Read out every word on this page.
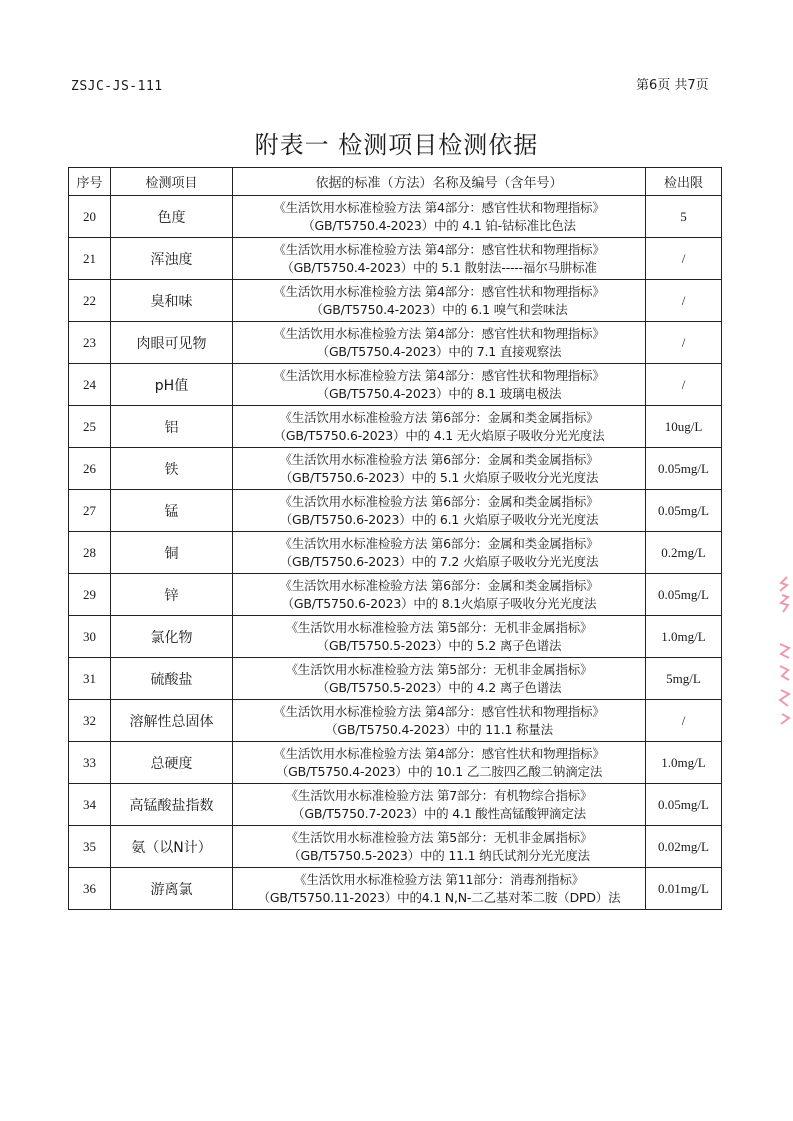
ZSJC-JS-111	第6页 共7页
附表一 检测项目检测依据
序号	检测项目	依据的标准（方法）名称及编号（含年号）	检出限
20	色度	《生活饮用水标准检验方法 第4部分：感官性状和物理指标》
（GB/T5750.4-2023）中的 4.1 铂-钴标准比色法	5
21	浑浊度	《生活饮用水标准检验方法 第4部分：感官性状和物理指标》
（GB/T5750.4-2023）中的 5.1 散射法-----福尔马肼标准	/
22	臭和味	《生活饮用水标准检验方法 第4部分：感官性状和物理指标》
（GB/T5750.4-2023）中的 6.1 嗅气和尝味法	/
23	肉眼可见物	《生活饮用水标准检验方法 第4部分：感官性状和物理指标》
（GB/T5750.4-2023）中的 7.1 直接观察法	/
24	pH值	《生活饮用水标准检验方法 第4部分：感官性状和物理指标》
（GB/T5750.4-2023）中的 8.1 玻璃电极法	/
25	铝	《生活饮用水标准检验方法 第6部分：金属和类金属指标》
（GB/T5750.6-2023）中的 4.1 无火焰原子吸收分光光度法	10ug/L
26	铁	《生活饮用水标准检验方法 第6部分：金属和类金属指标》
（GB/T5750.6-2023）中的 5.1 火焰原子吸收分光光度法	0.05mg/L
27	锰	《生活饮用水标准检验方法 第6部分：金属和类金属指标》
（GB/T5750.6-2023）中的 6.1 火焰原子吸收分光光度法	0.05mg/L
28	铜	《生活饮用水标准检验方法 第6部分：金属和类金属指标》
（GB/T5750.6-2023）中的 7.2 火焰原子吸收分光光度法	0.2mg/L
29	锌	《生活饮用水标准检验方法 第6部分：金属和类金属指标》
（GB/T5750.6-2023）中的 8.1火焰原子吸收分光光度法	0.05mg/L
30	氯化物	《生活饮用水标准检验方法 第5部分：无机非金属指标》
（GB/T5750.5-2023）中的 5.2 离子色谱法	1.0mg/L
31	硫酸盐	《生活饮用水标准检验方法 第5部分：无机非金属指标》
（GB/T5750.5-2023）中的 4.2 离子色谱法	5mg/L
32	溶解性总固体	《生活饮用水标准检验方法 第4部分：感官性状和物理指标》
（GB/T5750.4-2023）中的 11.1 称量法	/
33	总硬度	《生活饮用水标准检验方法 第4部分：感官性状和物理指标》
（GB/T5750.4-2023）中的 10.1 乙二胺四乙酸二钠滴定法	1.0mg/L
34	高锰酸盐指数	《生活饮用水标准检验方法 第7部分：有机物综合指标》
（GB/T5750.7-2023）中的 4.1 酸性高锰酸钾滴定法	0.05mg/L
35	氨（以N计）	《生活饮用水标准检验方法 第5部分：无机非金属指标》
（GB/T5750.5-2023）中的 11.1 纳氏试剂分光光度法	0.02mg/L
36	游离氯	《生活饮用水标准检验方法 第11部分：消毒剂指标》
（GB/T5750.11-2023）中的4.1 N,N-二乙基对苯二胺（DPD）法	0.01mg/L
